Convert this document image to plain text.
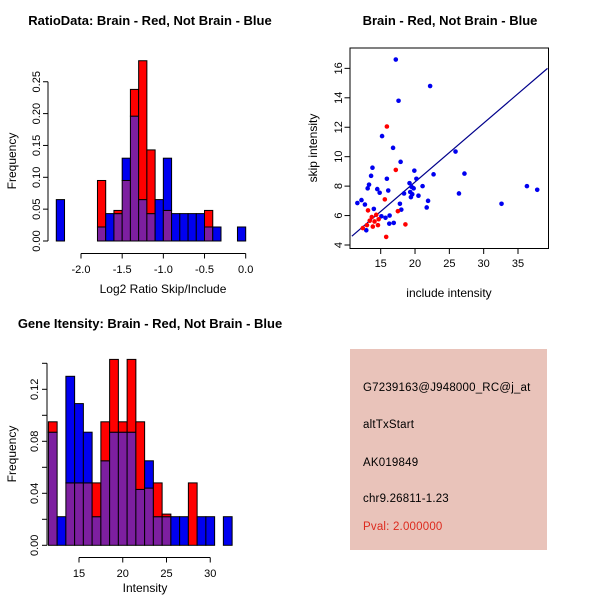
0.00
0.05
0.10
0.15
0.20
0.25
-2.0 -1.5 -1.0 -0.5 0.0	15 20 25 30 35
4
6
8
10
12
14
16
0.00
0.04
0.08
0.12
15	20	25	30
RatioData: Brain - Red, Not Brain - Blue	Brain - Red, Not Brain - Blue
Gene Itensity: Brain - Red, Not Brain - Blue
Frequency
Log2 Ratio Skip/Include
skip intensity
include intensity
Frequency
Intensity
G7239163@J948000_RC@j_at
altTxStart
AK019849
chr9.26811-1.23
Pval: 2.000000
